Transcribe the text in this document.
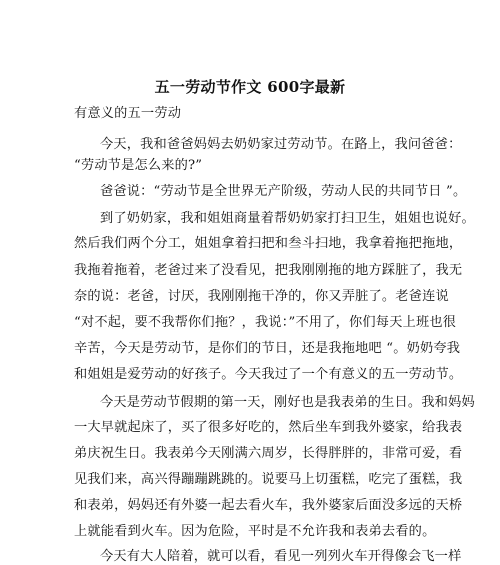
五一劳动节作文 600字最新
有意义的五一劳动
今天，我和爸爸妈妈去奶奶家过劳动节。在路上，我问爸爸：
“劳动节是怎么来的?”
爸爸说：“劳动节是全世界无产阶级，劳动人民的共同节日 ”。
到了奶奶家，我和姐姐商量着帮奶奶家打扫卫生，姐姐也说好。
然后我们两个分工，姐姐拿着扫把和叁斗扫地，我拿着拖把拖地，
我拖着拖着，老爸过来了没看见，把我刚刚拖的地方踩脏了，我无
奈的说：老爸，讨厌，我刚刚拖干净的，你又弄脏了。老爸连说
“对不起，要不我帮你们拖？，我说：”不用了，你们每天上班也很
辛苦，今天是劳动节，是你们的节日，还是我拖地吧 “。奶奶夸我
和姐姐是爱劳动的好孩子。今天我过了一个有意义的五一劳动节。
今天是劳动节假期的第一天，刚好也是我表弟的生日。我和妈妈
一大早就起床了，买了很多好吃的，然后坐车到我外婆家，给我表
弟庆祝生日。我表弟今天刚满六周岁，长得胖胖的，非常可爱，看
见我们来，高兴得蹦蹦跳跳的。说要马上切蛋糕，吃完了蛋糕，我
和表弟，妈妈还有外婆一起去看火车，我外婆家后面没多远的天桥
上就能看到火车。因为危险，平时是不允许我和表弟去看的。
今天有大人陪着，就可以看，看见一列列火车开得像会飞一样
